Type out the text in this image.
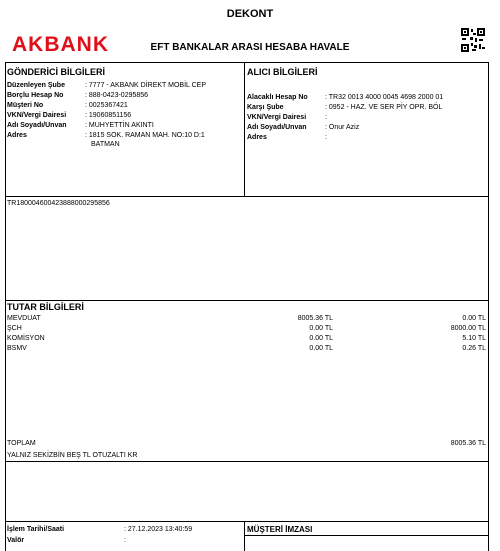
AKBANK
DEKONT
EFT BANKALAR ARASI HESABA HAVALE
GÖNDERİCİ BİLGİLERİ
Düzenleyen Şube	: 7777 - AKBANK DİREKT MOBİL CEP
Borçlu Hesap No	: 888-0423-0295856
Müşteri No	: 0025367421
VKN/Vergi Dairesi	: 19060851156
Adı Soyadı/Unvan	: MUHYETTİN AKINTI
Adres	: 1815 SOK. RAMAN MAH. NO:10 D:1
BATMAN
ALICI BİLGİLERİ
Alacaklı Hesap No : TR32 0013 4000 0045 4698 2000 01
Karşı Şube	: 0952 - HAZ. VE SER PİY OPR. BÖL
VKN/Vergi Dairesi	:
Adı Soyadı/Unvan	: Onur Aziz
Adres	:
TR18000460042388800029585​6
TUTAR BİLGİLERİ
MEVDUAT	8005.36 TL	0.00 TL
ŞCH	0.00 TL	8000.00 TL
KOMİSYON	0.00 TL	5.10 TL
BSMV	0.00 TL	0.26 TL
TOPLAM	8005.36 TL
YALNIZ SEKİZBİN BEŞ TL OTUZALTI KR
İşlem Tarihi/Saati	: 27.12.2023 13:40:59
Valör	:
MÜŞTERİ İMZASI
